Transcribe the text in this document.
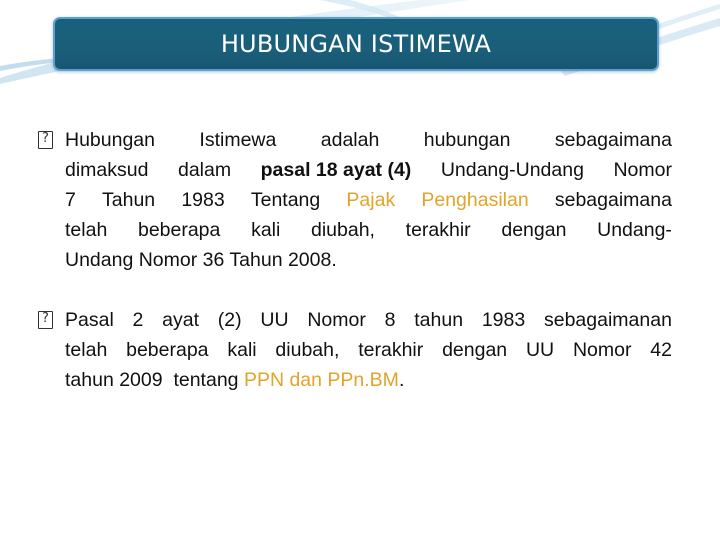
HUBUNGAN ISTIMEWA
?
Hubungan Istimewa adalah hubungan sebagaimana
dimaksud dalam pasal 18 ayat (4) Undang-Undang Nomor
7 Tahun 1983 Tentang Pajak Penghasilan sebagaimana
telah beberapa kali diubah, terakhir dengan Undang-
Undang Nomor 36 Tahun 2008.
?
Pasal 2 ayat (2) UU Nomor 8 tahun 1983 sebagaimanan
telah beberapa kali diubah, terakhir dengan UU Nomor 42
tahun 2009
tentang
PPN dan PPn.BM .
